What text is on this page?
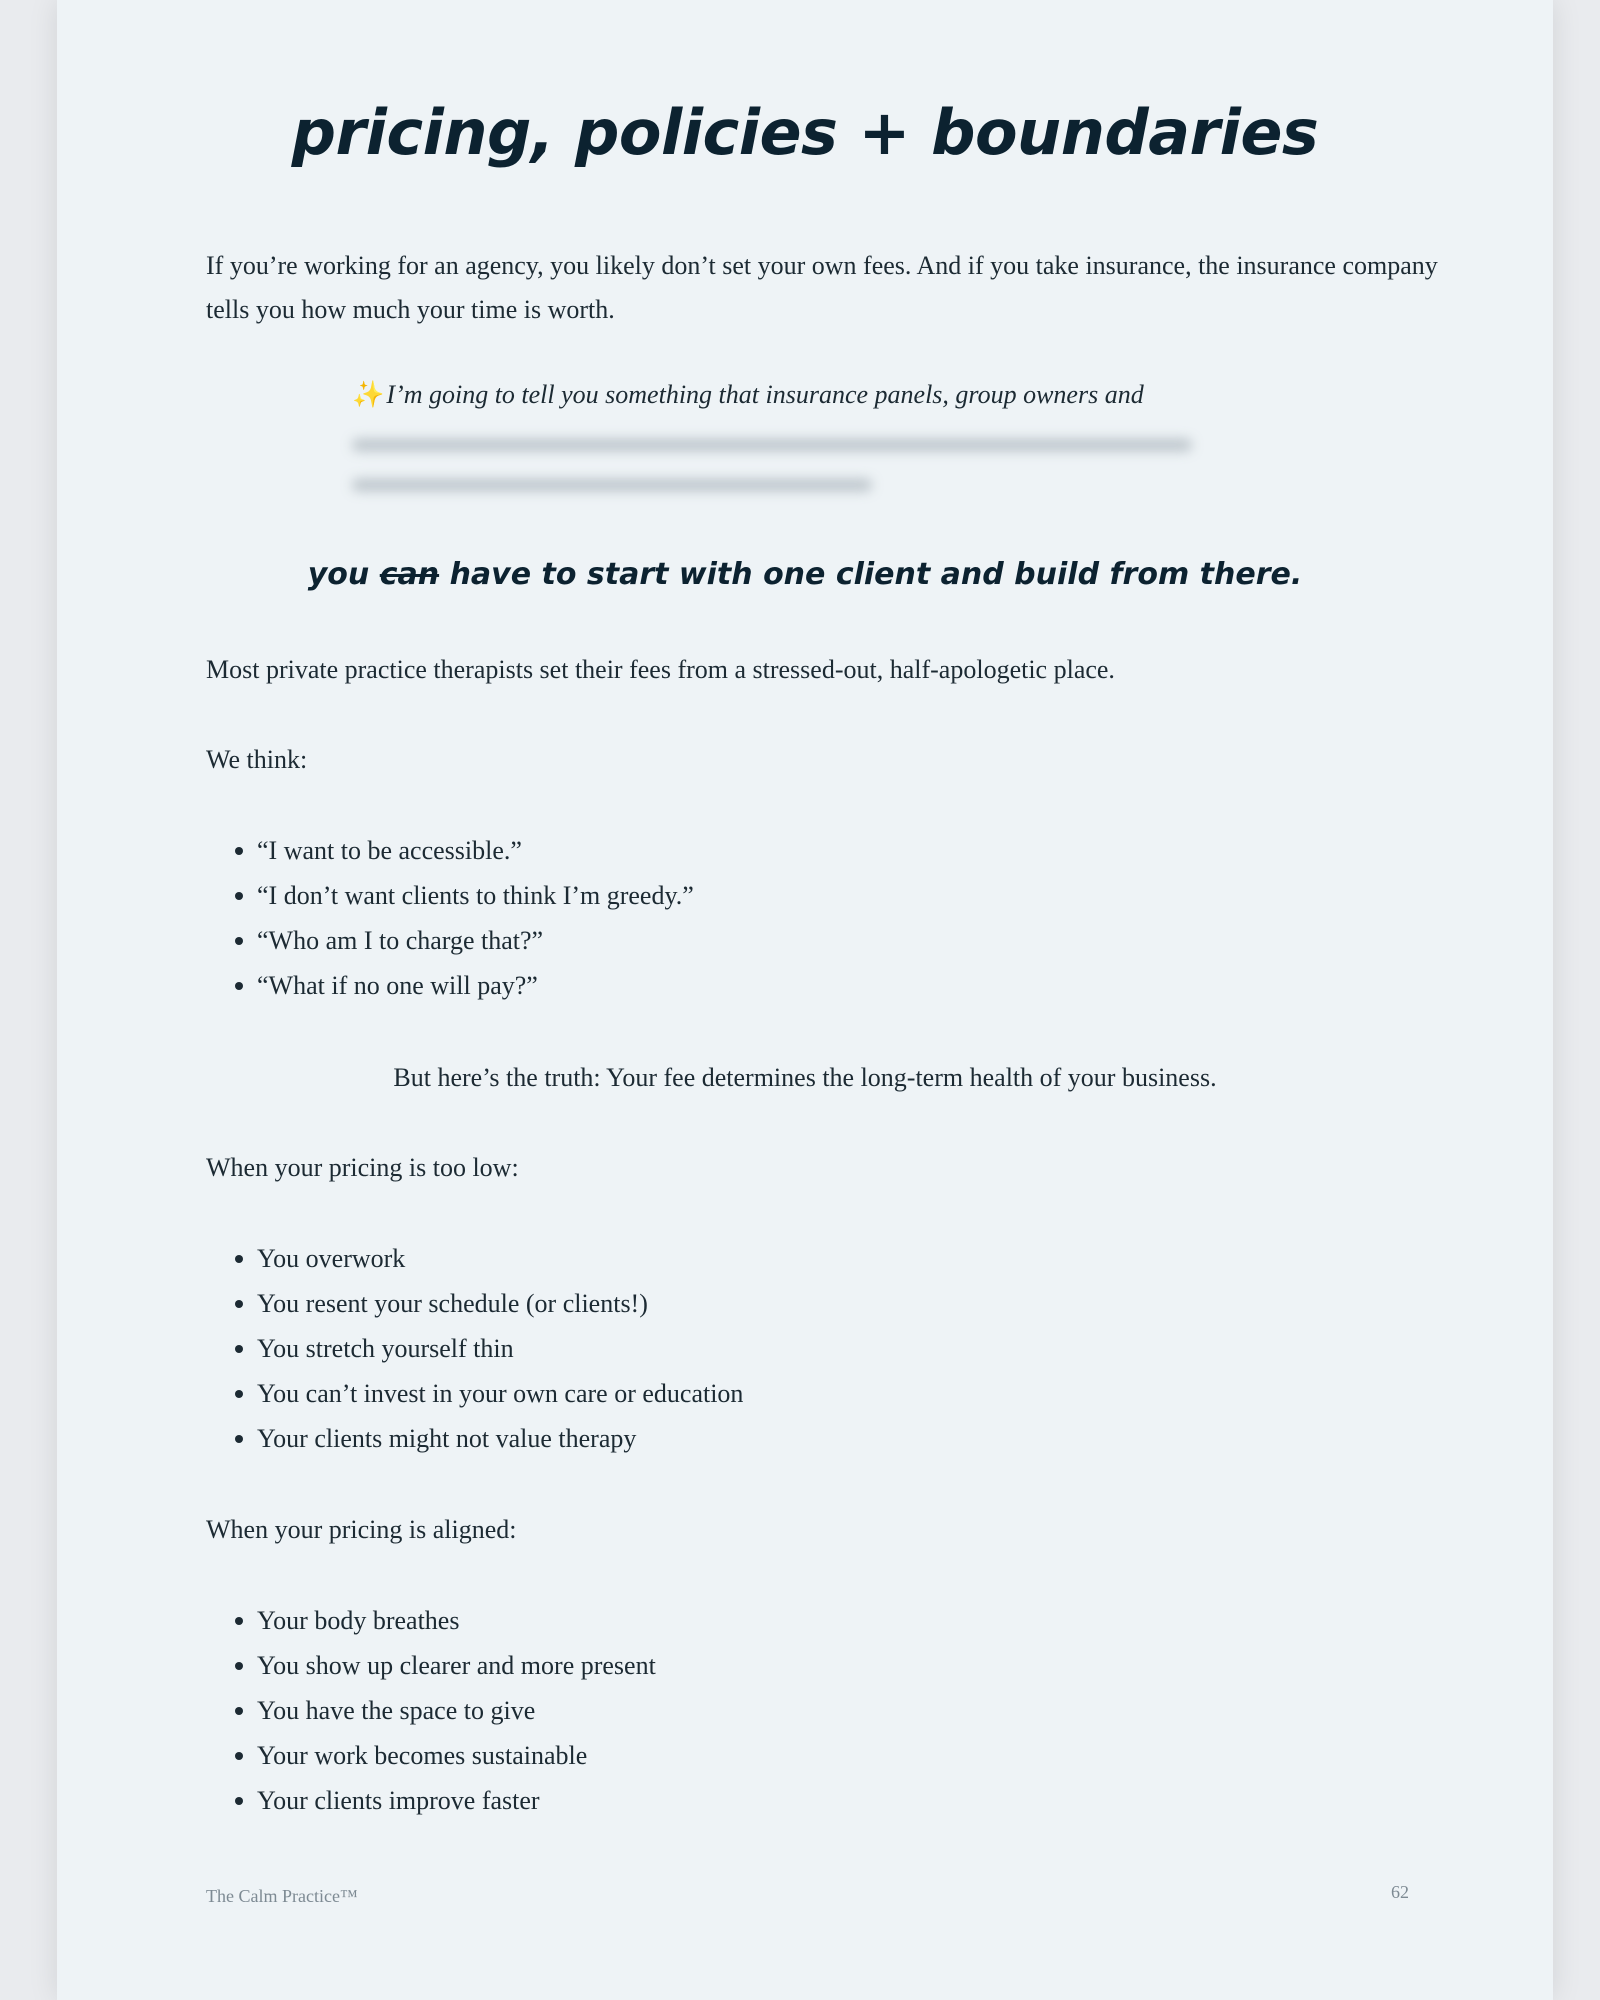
pricing, policies + boundaries

If you’re working for an agency, you likely don’t set your own fees. And if you take insurance, the insurance company tells you how much your time is worth.

✨I’m going to tell you something that insurance panels, group owners and

you can have to start with one client and build from there.

Most private practice therapists set their fees from a stressed-out, half-apologetic place.

We think:

“I want to be accessible.”
“I don’t want clients to think I’m greedy.”
“Who am I to charge that?”
“What if no one will pay?”

But here’s the truth: Your fee determines the long-term health of your business.

When your pricing is too low:

You overwork
You resent your schedule (or clients!)
You stretch yourself thin
You can’t invest in your own care or education
Your clients might not value therapy

When your pricing is aligned:

Your body breathes
You show up clearer and more present
You have the space to give
Your work becomes sustainable
Your clients improve faster

The Calm Practice™	62
